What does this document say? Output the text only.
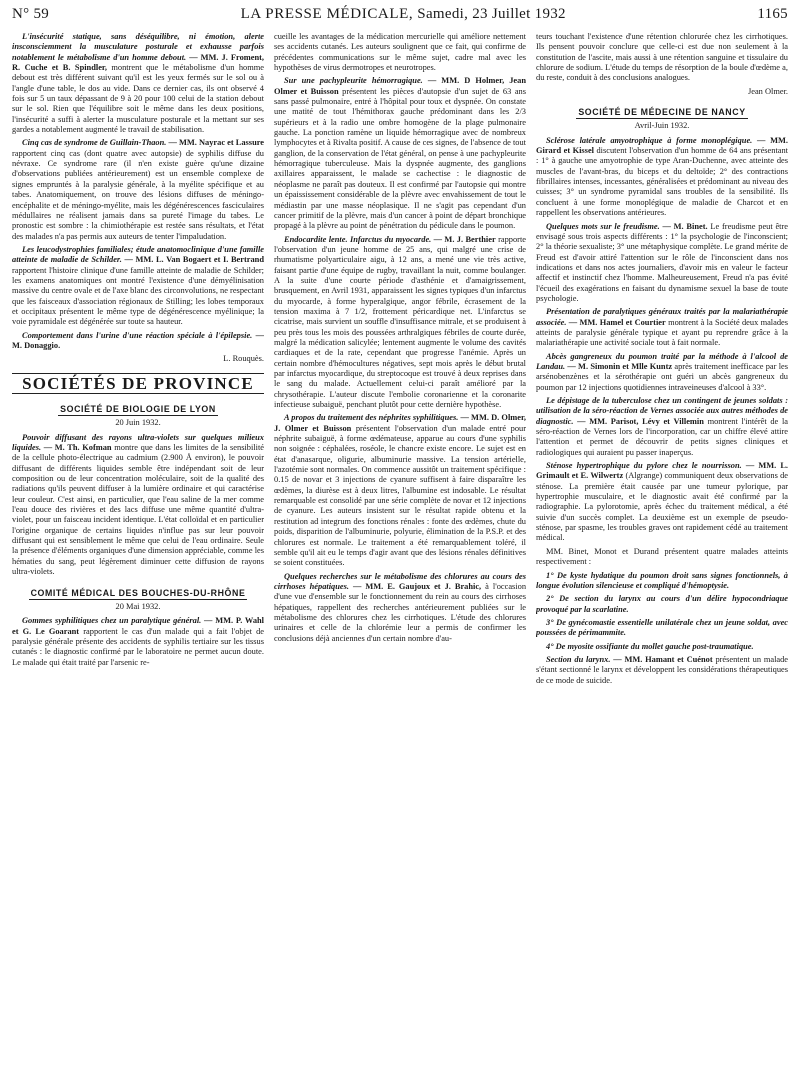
N° 59	LA PRESSE MÉDICALE, Samedi, 23 Juillet 1932	1165

L'insécurité statique, sans déséquilibre, ni émotion, alerte insconsciemment la musculature posturale et exhausse parfois notablement le métabolisme d'un homme debout. — MM. J. Froment, R. Cuche et B. Spindler, montrent que le métabolisme d'un homme debout est très différent suivant qu'il est les yeux fermés sur le sol ou à l'angle d'une table, le dos au vide. Dans ce dernier cas, ils ont observé 4 fois sur 5 un taux dépassant de 9 à 20 pour 100 celui de la station debout sur le sol. Rien que l'équilibre soit le même dans les deux positions, l'insécurité a suffi à alerter la musculature posturale et la mettant sur ses gardes a notablement augmenté le travail de stabilisation.

Cinq cas de syndrome de Guillain-Thaon. — MM. Nayrac et Lassure rapportent cinq cas (dont quatre avec autopsie) de syphilis diffuse du névraxe. Ce syndrome rare (il n'en existe guère qu'une dizaine d'observations publiées antérieurement) est un ensemble complexe de signes empruntés à la paralysie générale, à la myélite spécifique et au tabes. Anatomiquement, on trouve des lésions diffuses de méningo-encéphalite et de méningo-myélite, mais les dégénérescences fasciculaires médullaires ne réalisent jamais dans sa pureté l'image du tabes. Le pronostic est sombre : la chimiothérapie est restée sans résultats, et l'état des malades n'a pas permis aux auteurs de tenter l'impaludation.

Les leucodystrophies familiales; étude anatomoclinique d'une famille atteinte de maladie de Schilder. — MM. L. Van Bogaert et I. Bertrand rapportent l'histoire clinique d'une famille atteinte de maladie de Schilder; les examens anatomiques ont montré l'existence d'une démyélinisation massive du centre ovale et de l'axe blanc des circonvolutions, ne respectant que les faisceaux d'association régionaux de Stilling; les lobes temporaux et occipitaux présentent le même type de dégénérescence myélinique; la voie pyramidale est dégénérée sur toute sa hauteur.

Comportement dans l'urine d'une réaction spéciale à l'épilepsie. — M. Donaggio.

L. Rouquès.
SOCIÉTÉS DE PROVINCE
SOCIÉTÉ DE BIOLOGIE DE LYON
20 Juin 1932.

Pouvoir diffusant des rayons ultra-violets sur quelques milieux liquides. — M. Th. Kofman montre que dans les limites de la sensibilité de la cellule photo-électrique au cadmium (2.900 Å environ), le pouvoir diffusant de différents liquides semble être indépendant soit de leur composition ou de leur concentration moléculaire, soit de la qualité des radiations qu'ils peuvent diffuser à la lumière ordinaire et qui caractérise leur couleur. C'est ainsi, en particulier, que l'eau saline de la mer comme l'eau douce des rivières et des lacs diffuse une même quantité d'ultra-violet, pour un faisceau incident identique. L'état colloïdal et en particulier l'origine organique de certains liquides n'influe pas sur leur pouvoir diffusant qui est sensiblement le même que celui de l'eau ordinaire. Seule la présence d'éléments organiques d'une dimension appréciable, comme les hématies du sang, peut légèrement diminuer cette diffusion de rayons ultra-violets.

COMITÉ MÉDICAL DES BOUCHES-DU-RHÔNE
20 Mai 1932.

Gommes syphilitiques chez un paralytique général. — MM. P. Wahl et G. Le Goarant rapportent le cas d'un malade qui a fait l'objet de paralysie générale présente des accidents de syphilis tertiaire sur les tissus cutanés : le diagnostic confirmé par le laboratoire ne permet aucun doute. Le malade qui était traité par l'arsenic re-

cueille les avantages de la médication mercurielle qui améliore nettement ses accidents cutanés. Les auteurs soulignent que ce fait, qui confirme de précédentes communications sur le même sujet, cadre mal avec les hypothèses de virus dermotropes et neurotropes.

Sur une pachypleurite hémorragique. — MM. D Holmer, Jean Olmer et Buisson présentent les pièces d'autopsie d'un sujet de 63 ans sans passé pulmonaire, entré à l'hôpital pour toux et dyspnée. On constate une matité de tout l'hémithorax gauche prédominant dans les 2/3 supérieurs et à la radio une ombre homogène de la plage pulmonaire gauche. La ponction ramène un liquide hémorragique avec de nombreux lymphocytes et à Rivalta positif. A cause de ces signes, de l'absence de tout ganglion, de la conservation de l'état général, on pense à une pachypleurite hémorragique tuberculeuse. Mais la dyspnée augmente, des ganglions axillaires apparaissent, le malade se cachectise : le diagnostic de néoplasme ne paraît pas douteux. Il est confirmé par l'autopsie qui montre un épaississement considérable de la plèvre avec envahissement de tout le médiastin par une masse néoplasique. Il ne s'agit pas cependant d'un cancer primitif de la plèvre, mais d'un cancer à point de départ bronchique propagé à la plèvre au point de pénétration du pédicule dans le poumon.

Endocardite lente. Infarctus du myocarde. — M. J. Berthier rapporte l'observation d'un jeune homme de 25 ans, qui malgré une crise de rhumatisme polyarticulaire aigu, à 12 ans, a mené une vie très active, faisant partie d'une équipe de rugby, travaillant la nuit, comme boulanger. A la suite d'une courte période d'asthénie et d'amaigrissement, brusquement, en Avril 1931, apparaissent les signes typiques d'un infarctus du myocarde, à forme hyperalgique, angor fébrile, écrasement de la tension maxima à 7 1/2, frottement péricardique net. L'infarctus se cicatrise, mais survient un souffle d'insuffisance mitrale, et se produisent à peu près tous les mois des poussées arthralgiques fébriles de courte durée, malgré la médication salicylée; lentement augmente le volume des cavités cardiaques et de la rate, cependant que progresse l'anémie. Après un certain nombre d'hémocultures négatives, sept mois après le début brutal par infarctus myocardique, du streptocoque est trouvé à deux reprises dans le sang du malade. Actuellement celui-ci paraît amélioré par la chrysothérapie. L'auteur discute l'embolie coronarienne et la coronarite infectieuse subaiguë, penchant plutôt pour cette dernière hypothèse.

A propos du traitement des néphrites syphilitiques. — MM. D. Olmer, J. Olmer et Buisson présentent l'observation d'un malade entré pour néphrite subaiguë, à forme œdémateuse, apparue au cours d'une syphilis non soignée : céphalées, roséole, le chancre existe encore. Le sujet est en état d'anasarque, oligurie, albuminurie massive. La tension artérielle, l'azotémie sont normales. On commence aussitôt un traitement spécifique : 0.15 de novar et 3 injections de cyanure suffisent à faire disparaître les œdèmes, la diurèse est à deux litres, l'albumine est indosable. Le résultat remarquable est consolidé par une série complète de novar et 12 injections de cyanure. Les auteurs insistent sur le résultat rapide obtenu et la restitution ad integrum des fonctions rénales : fonte des œdèmes, chute du poids, disparition de l'albuminurie, polyurie, élimination de la P.S.P. et des chlorures est normale. Le traitement a été remarquablement toléré, il semble qu'il ait eu le temps d'agir avant que des lésions rénales définitives se soient constituées.

Quelques recherches sur le métabolisme des chlorures au cours des cirrhoses hépatiques. — MM. E. Gaujoux et J. Brahic, à l'occasion d'une vue d'ensemble sur le fonctionnement du rein au cours des cirrhoses hépatiques, rappellent des recherches antérieurement publiées sur le métabolisme des chlorures chez les cirrhotiques. L'étude des chlorures urinaires et celle de la chlorémie leur a permis de confirmer les conclusions déjà anciennes d'un certain nombre d'au-

teurs touchant l'existence d'une rétention chlorurée chez les cirrhotiques. Ils pensent pouvoir conclure que celle-ci est due non seulement à la constitution de l'ascite, mais aussi à une rétention sanguine et tissulaire du chlorure de sodium. L'étude du temps de résorption de la boule d'œdème a, du reste, conduit à des conclusions analogues.

Jean Olmer.
SOCIÉTÉ DE MÉDECINE DE NANCY
Avril-Juin 1932.

Sclérose latérale amyotrophique à forme monoplégique. — MM. Girard et Kissel discutent l'observation d'un homme de 64 ans présentant : 1° à gauche une amyotrophie de type Aran-Duchenne, avec atteinte des muscles de l'avant-bras, du biceps et du deltoïde; 2° des contractions fibrillaires intenses, incessantes, généralisées et prédominant au niveau des cuisses; 3° un syndrome pyramidal sans troubles de la sensibilité. Ils concluent à une forme monoplégique de maladie de Charcot et en rappellent les observations antérieures.

Quelques mots sur le freudisme. — M. Binet. Le freudisme peut être envisagé sous trois aspects différents : 1° la psychologie de l'inconscient; 2° la théorie sexualiste; 3° une métaphysique complète. Le grand mérite de Freud est d'avoir attiré l'attention sur le rôle de l'inconscient dans nos indications et dans nos actes journaliers, d'avoir mis en valeur le facteur affectif et instinctif chez l'homme. Malheureusement, Freud n'a pas évité l'écueil des exagérations en faisant du dynamisme sexuel la base de toute psychologie.

Présentation de paralytiques généraux traités par la malariathérapie associée. — MM. Hamel et Courtier montrent à la Société deux malades atteints de paralysie générale typique et ayant pu reprendre grâce à la malariathérapie une activité sociale tout à fait normale.

Abcès gangreneux du poumon traité par la méthode à l'alcool de Landau. — M. Simonin et Mlle Kuntz après traitement inefficace par les arsénobenzènes et la sérothérapie ont guéri un abcès gangreneux du poumon par 12 injections quotidiennes intraveineuses d'alcool à 33°.

Le dépistage de la tuberculose chez un contingent de jeunes soldats : utilisation de la séro-réaction de Vernes associée aux autres méthodes de diagnostic. — MM. Parisot, Lévy et Villemin montrent l'intérêt de la séro-réaction de Vernes lors de l'incorporation, car un chiffre élevé attire l'attention et permet de découvrir de petits signes cliniques et radiologiques qui auraient pu passer inaperçus.

Sténose hypertrophique du pylore chez le nourrisson. — MM. L. Grimault et E. Wilwertz (Algrange) communiquent deux observations de sténose. La première était causée par une tumeur pylorique, par hypertrophie musculaire, et le diagnostic avait été confirmé par la radiographie. La pylorotomie, après échec du traitement médical, a été suivie d'un succès complet. La deuxième est un exemple de pseudo-sténose, par spasme, les troubles graves ont rapidement cédé au traitement médical.

MM. Binet, Monot et Durand présentent quatre malades atteints respectivement :

1° De kyste hydatique du poumon droit sans signes fonctionnels, à longue évolution silencieuse et compliqué d'hémoptysie.

2° De section du larynx au cours d'un délire hypocondriaque provoqué par la scarlatine.

3° De gynécomastie essentielle unilatérale chez un jeune soldat, avec poussées de périmammite.

4° De myosite ossifiante du mollet gauche post-traumatique.

Section du larynx. — MM. Hamant et Cuénot présentent un malade s'étant sectionné le larynx et développent les considérations thérapeutiques de ce mode de suicide.
